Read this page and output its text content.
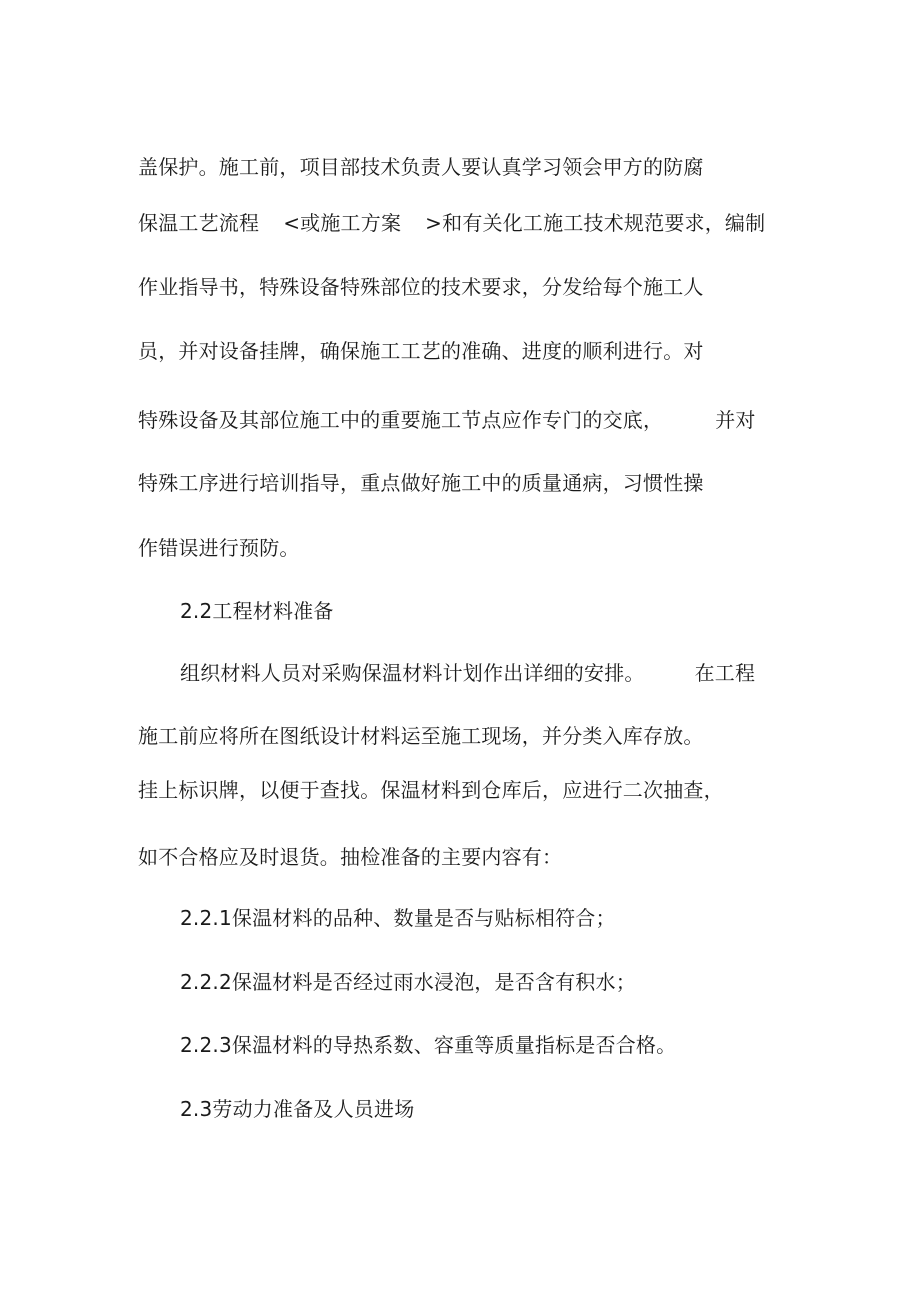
盖保护。施工前，项目部技术负责人要认真学习领会甲方的防腐
保温工艺流程 <或施工方案 >和有关化工施工技术规范要求，编制
作业指导书，特殊设备特殊部位的技术要求，分发给每个施工人
员，并对设备挂牌，确保施工工艺的准确、进度的顺利进行。对
特殊设备及其部位施工中的重要施工节点应作专门的交底，	并对
特殊工序进行培训指导，重点做好施工中的质量通病，习惯性操
作错误进行预防。
2.2工程材料准备
组织材料人员对采购保温材料计划作出详细的安排。	在工程
施工前应将所在图纸设计材料运至施工现场，并分类入库存放。
挂上标识牌，以便于查找。保温材料到仓库后，应进行二次抽查，
如不合格应及时退货。抽检准备的主要内容有：
2.2.1保温材料的品种、数量是否与贴标相符合；
2.2.2保温材料是否经过雨水浸泡，是否含有积水；
2.2.3保温材料的导热系数、容重等质量指标是否合格。
2.3劳动力准备及人员进场
